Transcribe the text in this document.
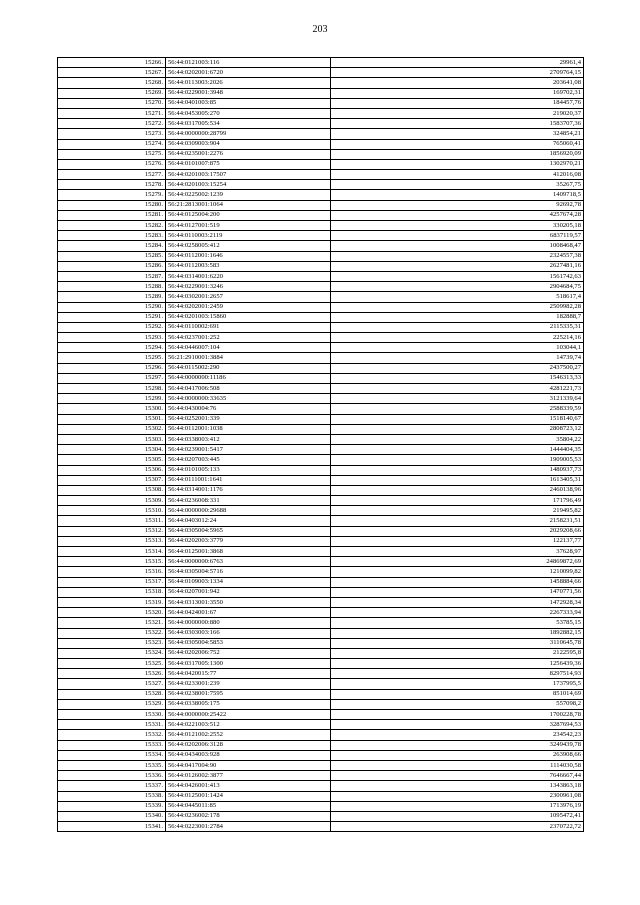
203
15266.	56:44:0121003:116	29961,4
15267.	56:44:0202001:6720	2709764,15
15268.	56:44:0113003:2026	203641,08
15269.	56:44:0229001:3948	169702,31
15270.	56:44:0401003:85	184457,76
15271.	56:44:0453005:270	219020,37
15272.	56:44:0317005:534	1583707,36
15273.	56:44:0000000:28799	324854,21
15274.	56:44:0309003:904	765060,41
15275.	56:44:0235001:2276	1856920,09
15276.	56:44:0101007:875	1302970,21
15277.	56:44:0201003:17507	412016,08
15278.	56:44:0201003:15254	35267,75
15279.	56:44:0225002:1239	1409718,5
15280.	56:21:2813001:1064	92692,78
15281.	56:44:0125004:200	4257674,28
15282.	56:44:0127001:519	330205,18
15283.	56:44:0110003:2119	6837119,57
15284.	56:44:0258005:412	1008468,47
15285.	56:44:0112001:1646	2324557,38
15286.	56:44:0112003:583	2627481,16
15287.	56:44:0314001:6220	1561742,63
15288.	56:44:0229001:3246	2904684,75
15289.	56:44:0302001:2657	518617,4
15290.	56:44:0202001:2459	2509982,28
15291.	56:44:0201003:15860	182888,7
15292.	56:44:0110002:691	2115335,31
15293.	56:44:0237001:252	225214,16
15294.	56:44:0446007:104	103044,1
15295.	56:21:2910001:3884	14739,74
15296.	56:44:0115002:290	2437500,27
15297.	56:44:0000000:11186	1546313,33
15298.	56:44:0417006:508	4281221,73
15299.	56:44:0000000:33635	3121339,64
15300.	56:44:0430004:76	2588339,59
15301.	56:44:0252001:339	1518140,67
15302.	56:44:0112001:1038	2808723,12
15303.	56:44:0338003:412	35804,22
15304.	56:44:0239001:5417	1444404,35
15305.	56:44:0207003:445	1909005,53
15306.	56:44:0101005:133	1480937,73
15307.	56:44:0111001:1641	1613405,31
15308.	56:44:0314001:1176	2460138,96
15309.	56:44:0236008:331	171796,49
15310.	56:44:0000000:29688	219495,82
15311.	56:44:0403012:24	2158231,51
15312.	56:44:0305004:5965	2029208,66
15313.	56:44:0202003:3779	122137,77
15314.	56:44:0125001:3868	37628,97
15315.	56:44:0000000:6763	24869872,69
15316.	56:44:0305004:5716	1210099,82
15317.	56:44:0109003:1334	1458884,66
15318.	56:44:0207001:942	1470771,56
15319.	56:44:0313001:3550	1472928,34
15320.	56:44:0424001:67	2267333,94
15321.	56:44:0000000:880	53785,15
15322.	56:44:0303003:166	1892882,15
15323.	56:44:0305004:5853	3110645,78
15324.	56:44:0202006:752	2122595,8
15325.	56:44:0317005:1300	1256439,36
15326.	56:44:0420015:77	8297514,93
15327.	56:44:0233001:239	1737995,5
15328.	56:44:0238001:7595	851014,69
15329.	56:44:0338005:175	557098,2
15330.	56:44:0000000:25422	1700228,78
15331.	56:44:0221003:512	3287694,53
15332.	56:44:0121002:2552	234542,23
15333.	56:44:0202006:3128	3249439,78
15334.	56:44:0434003:928	263908,66
15335.	56:44:0417004:90	1114030,58
15336.	56:44:0126002:3877	7646667,44
15337.	56:44:0426001:413	1343863,18
15338.	56:44:0125001:1424	2300961,08
15339.	56:44:0445011:85	1713976,19
15340.	56:44:0236002:178	1095472,41
15341.	56:44:0223001:2784	2370722,72
